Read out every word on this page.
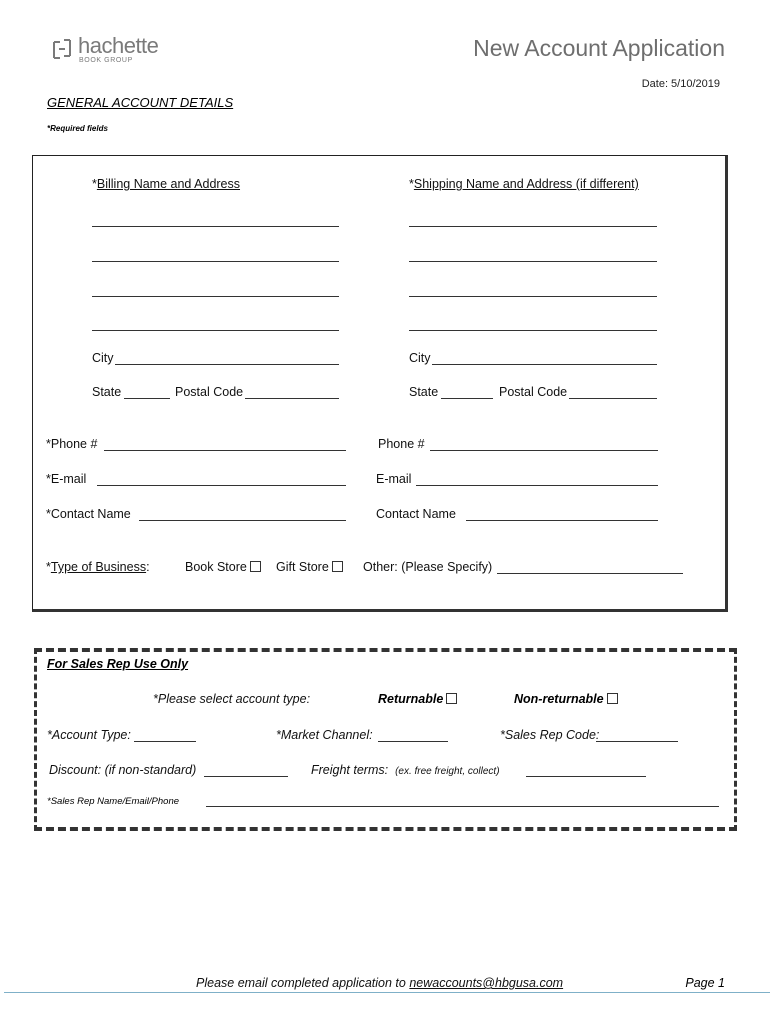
hachette
BOOK GROUP	New Account Application
Date: 5/10/2019
GENERAL ACCOUNT DETAILS
*Required fields
*Billing Name and Address	*Shipping Name and Address (if different)
City	City
State	Postal Code	State	Postal Code
*Phone #	Phone #
*E-mail	E-mail
*Contact Name	Contact Name
*Type of Business:	Book Store	Gift Store	Other: (Please Specify)
For Sales Rep Use Only
*Please select account type:	Returnable	Non-returnable
*Account Type:	*Market Channel:	*Sales Rep Code:
Discount: (if non-standard)	Freight terms: (ex. free freight, collect)
*Sales Rep Name/Email/Phone
Please email completed application to newaccounts@hbgusa.com	Page 1
